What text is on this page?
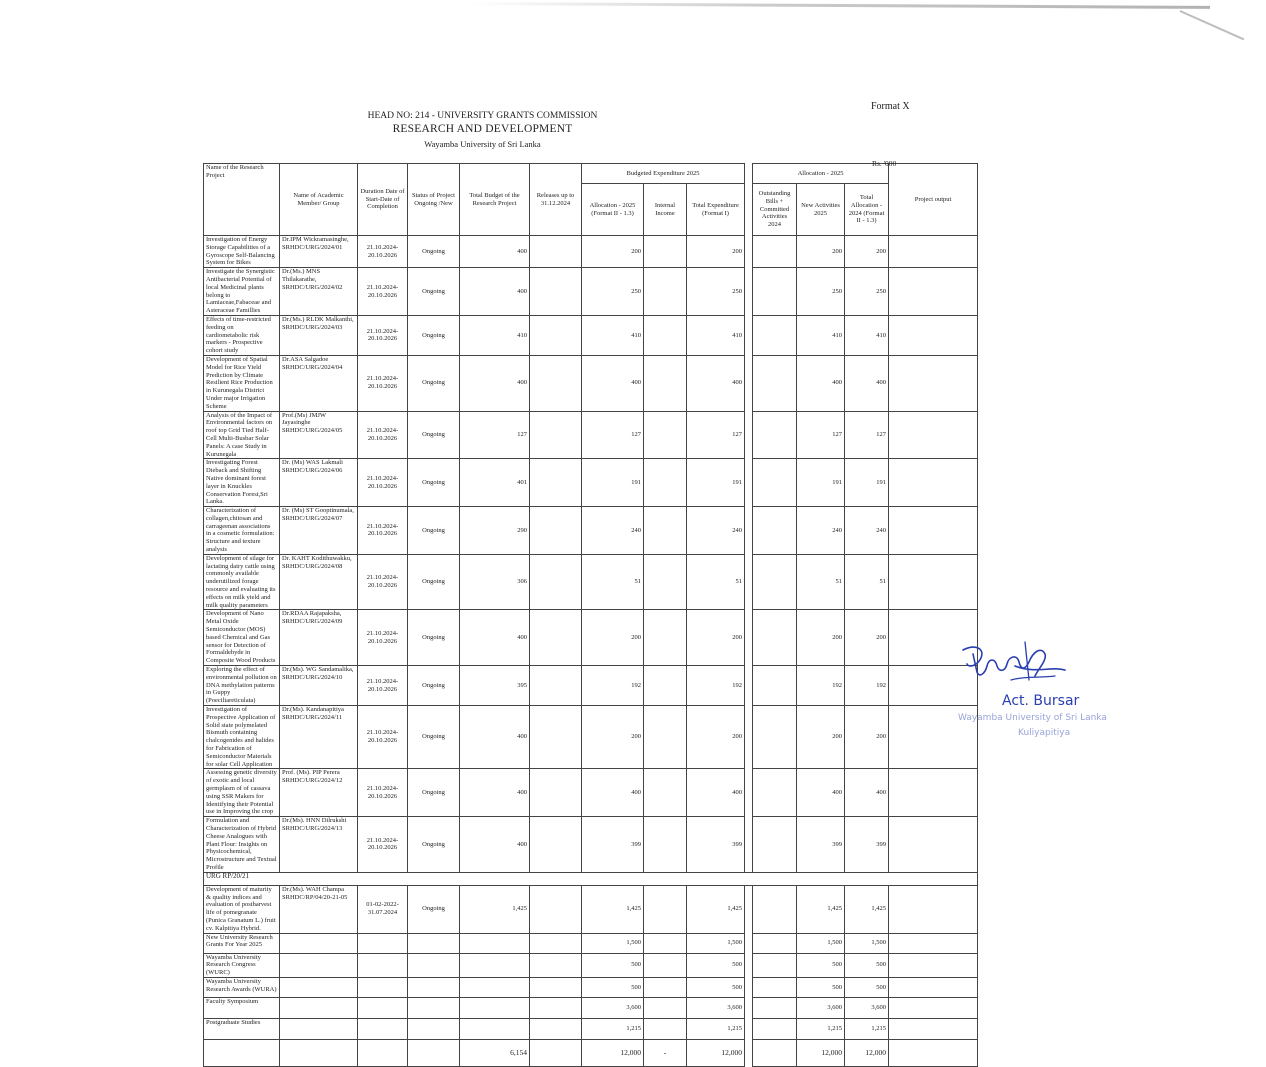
Format X
HEAD NO: 214 - UNIVERSITY GRANTS COMMISSION
RESEARCH AND DEVELOPMENT
Wayamba University of Sri Lanka
Name of the Research Project	Name of Academic Member/ Group	Duration Date of Start-Date of Completion	Status of Project Ongoing /New	Total Budget of the Research Project	Releases up to 31.12.2024	Budgeted Expenditure 2025				Allocation - 2025			Project output
						Allocation - 2025 (Format II - 1.3)	Internal Income	Total Expenditure (Format I)		Outstanding Bills + Committed Activities 2024	New Activities 2025	Total Allocation - 2024 (Format II - 1.3)	
Investigation of Energy Storage Capabilities of a Gyroscope Self-Balancing System for Bikes	Dr.IPM Wickramasinghe, SRHDC/URG/2024/01	21.10.2024-20.10.2026	Ongoing	400		200		200			200	200	
Investigate the Synergistic Antibacterial Potential of local Medicinal plants belong to Lamiaceae,Fabaceae and Asteraceae Famillies	Dr.(Ms.) MNS Thilakarathe, SRHDC/URG/2024/02	21.10.2024-20.10.2026	Ongoing	400		250		250			250	250	
Effects of time-restricted feeding on cardiometabolic risk markers - Prospective cohort study	Dr.(Ms.) RLDK Malkanthi, SRHDC/URG/2024/03	21.10.2024-20.10.2026	Ongoing	410		410		410			410	410	
Development of Spatial Model for Rice Yield Prediction by Climate Resilient Rice Production in Kurunegala District Under major Irrigation Scheme	Dr.ASA Salgadoe SRHDC/URG/2024/04	21.10.2024-20.10.2026	Ongoing	400		400		400			400	400	
Analysis of the Impact of Environmental factors on roof top Grid Tied Half-Cell Multi-Busbar Solar Panels: A case Study in Kurunegala	Prof.(Ms) JMJW Jayasinghe SRHDC/URG/2024/05	21.10.2024-20.10.2026	Ongoing	127		127		127			127	127	
Investigating Forest Dieback and Shifting Native dominant forest layer in Knuckles Conservation Forest,Sri Lanka.	Dr. (Ms) WAS Lakmali SRHDC/URG/2024/06	21.10.2024-20.10.2026	Ongoing	401		191		191			191	191	
Characterization of collagen,chitosan and carrageenan associations in a cosmetic formulation: Structure and texture analysis	Dr. (Ms) ST Gooptinumala, SRHDC/URG/2024/07	21.10.2024-20.10.2026	Ongoing	290		240		240			240	240	
Development of silage for lactating dairy cattle using commonly available underutilized forage resource and evaluating its effects on milk yield and milk quality parameters	Dr. KAHT Kodithuwakku, SRHDC/URG/2024/08	21.10.2024-20.10.2026	Ongoing	306		51		51			51	51	
Development of Nano Metal Oxide Semiconductor (MOS) based Chemical and Gas sensor for Detection of Formaldehyde in Composite Wood Products	Dr.RDAA Rajapaksha, SRHDC/URG/2024/09	21.10.2024-20.10.2026	Ongoing	400		200		200			200	200	
Exploring the effect of environmental pollution on DNA methylation patterns in Guppy (Poeciliareticulata)	Dr.(Ms). WG Sandamalika, SRHDC/URG/2024/10	21.10.2024-20.10.2026	Ongoing	395		192		192			192	192	
Investigation of Prospective Application of Solid state polymelated Bismuth containing chalcogenides and halides for Fabrication of Semiconductor Materials for solar Cell Application	Dr.(Ms). Kandanapitiya SRHDC/URG/2024/11	21.10.2024-20.10.2026	Ongoing	400		200		200			200	200	
Assessing genetic diversity of exotic and local germplasm of of cassava using SSR Makers for Identifying their Potential use in Improving the crop	Prof. (Ms). PIP Perera SRHDC/URG/2024/12	21.10.2024-20.10.2026	Ongoing	400		400		400			400	400	
Formulation and Characterization of Hybrid Cheese Analogues with Plant Flour: Insights on Physicochemical, Microstructure and Textual Profile	Dr.(Ms). HNN Dilrukshi SRHDC/URG/2024/13	21.10.2024-20.10.2026	Ongoing	400		399		399			399	399	
URG RP/20/21													
Development of maturity & quality indices and evaluation of postharvest life of pomegranate (Punica Granatum L.) fruit cv. Kalpitiya Hybrid.	Dr.(Ms). WAH Champa SRHDC/RP/04/20-21-05	01-02-2022-31.07.2024	Ongoing	1,425		1,425		1,425			1,425	1,425	
New University Research Grants For Year 2025						1,500		1,500			1,500	1,500	
Wayamba University Research Congress (WURC)						500		500			500	500	
Wayamba University Research Awards (WURA)						500		500			500	500	
Faculty Symposium						3,600		3,600			3,600	3,600	
Postgraduate Studies						1,215		1,215			1,215	1,215	
				6,154		12,000	-	12,000			12,000	12,000	
Rs. '000
Act. Bursar
Wayamba University of Sri Lanka
Kuliyapitiya
